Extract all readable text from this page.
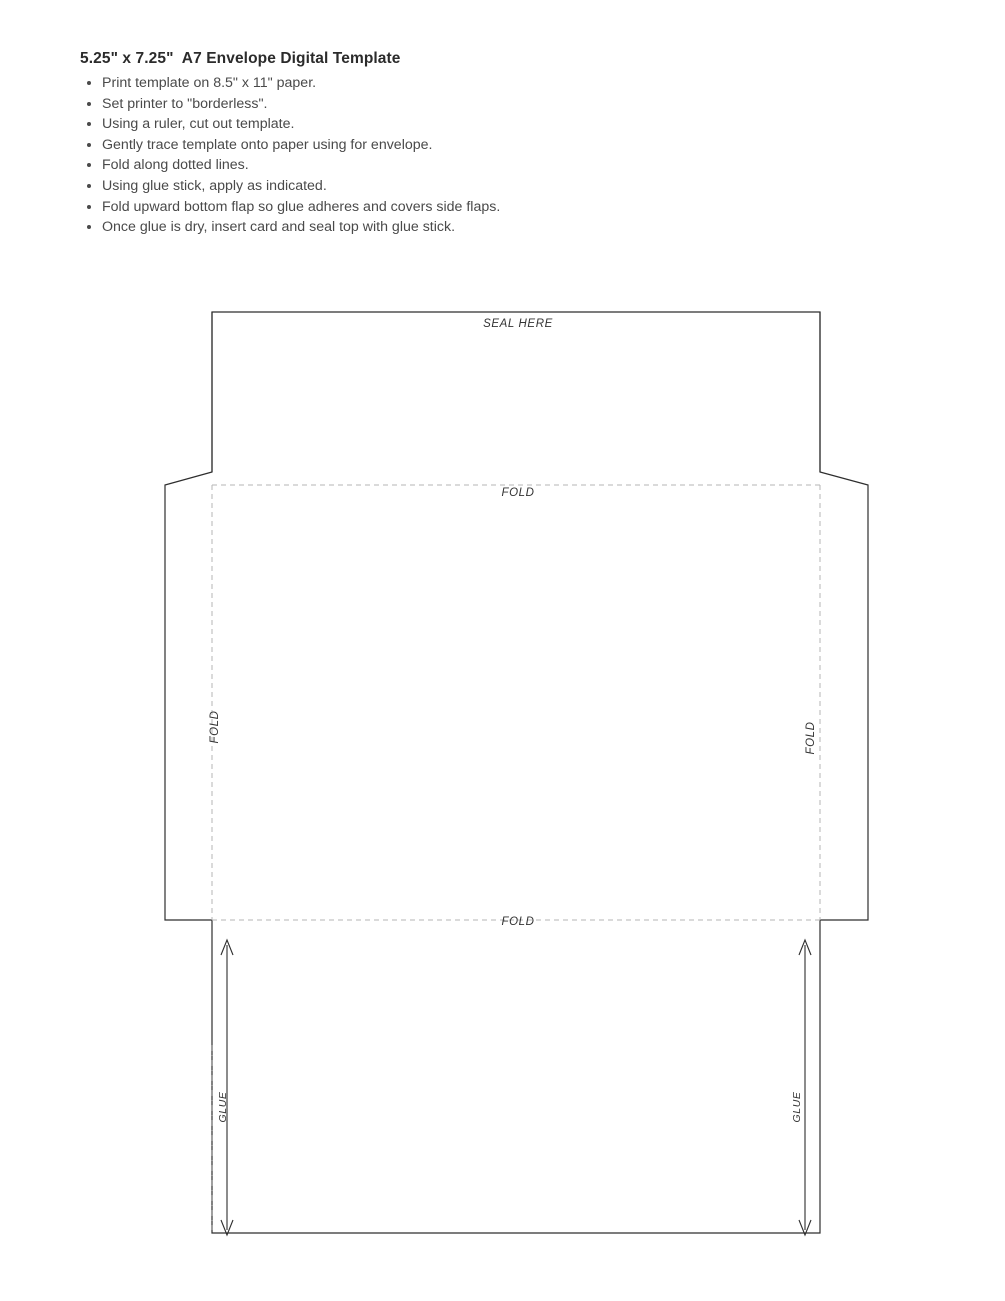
5.25" x 7.25"  A7 Envelope Digital Template
• Print template on 8.5" x 11" paper.
• Set printer to "borderless".
• Using a ruler, cut out template.
• Gently trace template onto paper using for envelope.
• Fold along dotted lines.
• Using glue stick, apply as indicated.
• Fold upward bottom flap so glue adheres and covers side flaps.
• Once glue is dry, insert card and seal top with glue stick.
SEAL HERE
FOLD
FOLD
FOLD	FOLD
GLUE	GLUE
